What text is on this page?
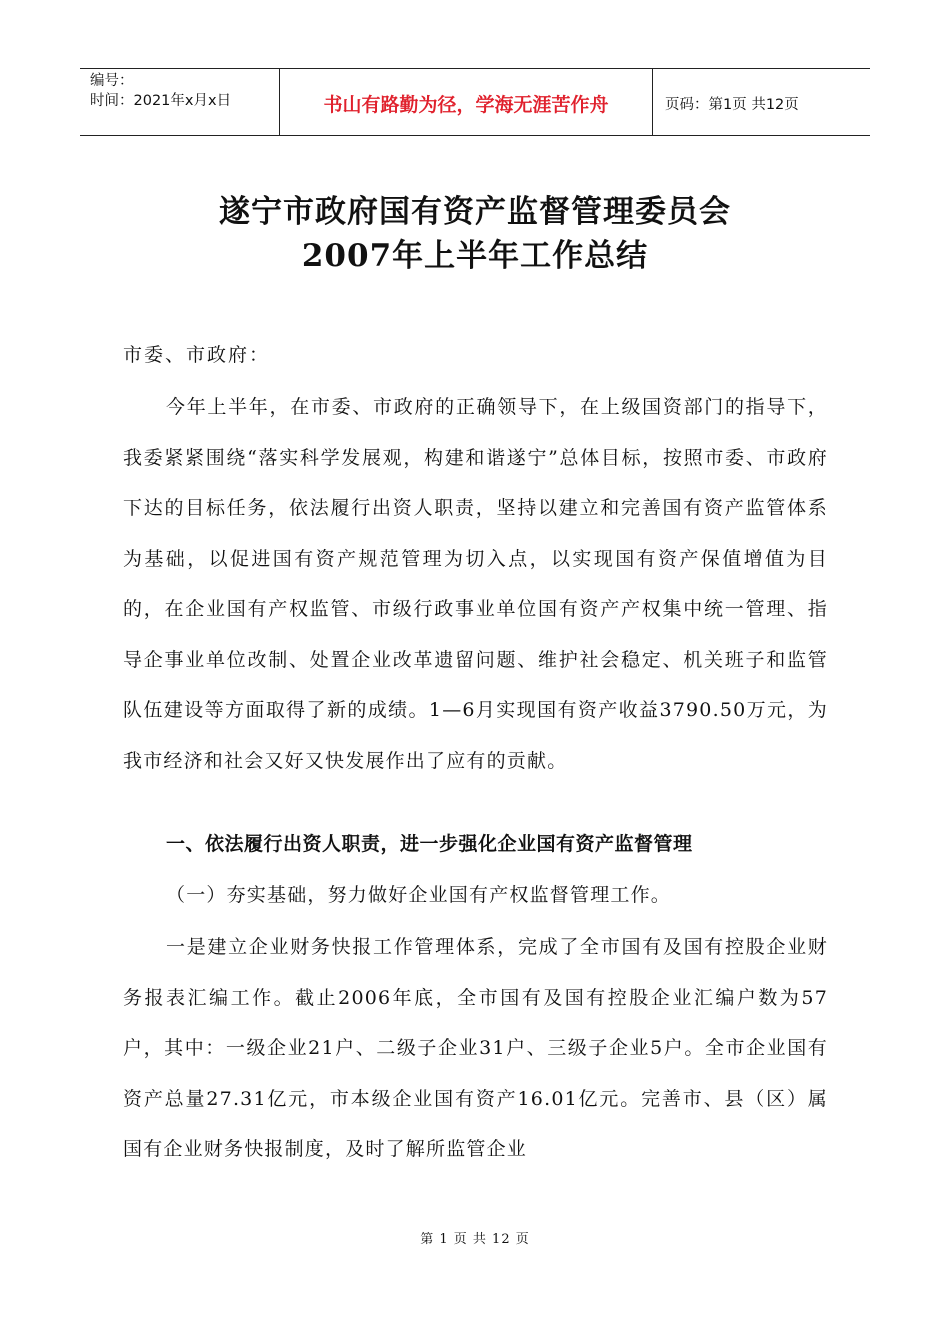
编号：
时间：2021年x月x日	书山有路勤为径，学海无涯苦作舟	页码：第1页 共12页
遂宁市政府国有资产监督管理委员会
2007年上半年工作总结
市委、市政府：

今年上半年，在市委、市政府的正确领导下，在上级国资部门的指导下，我委紧紧围绕“落实科学发展观，构建和谐遂宁”总体目标，按照市委、市政府下达的目标任务，依法履行出资人职责，坚持以建立和完善国有资产监管体系为基础，以促进国有资产规范管理为切入点，以实现国有资产保值增值为目的，在企业国有产权监管、市级行政事业单位国有资产产权集中统一管理、指导企事业单位改制、处置企业改革遗留问题、维护社会稳定、机关班子和监管队伍建设等方面取得了新的成绩。1—6月实现国有资产收益3790.50万元，为我市经济和社会又好又快发展作出了应有的贡献。

一、依法履行出资人职责，进一步强化企业国有资产监督管理
（一）夯实基础，努力做好企业国有产权监督管理工作。

一是建立企业财务快报工作管理体系，完成了全市国有及国有控股企业财务报表汇编工作。截止2006年底，全市国有及国有控股企业汇编户数为57户，其中：一级企业21户、二级子企业31户、三级子企业5户。全市企业国有资产总量27.31亿元，市本级企业国有资产16.01亿元。完善市、县（区）属国有企业财务快报制度，及时了解所监管企业

第 1 页 共 12 页
